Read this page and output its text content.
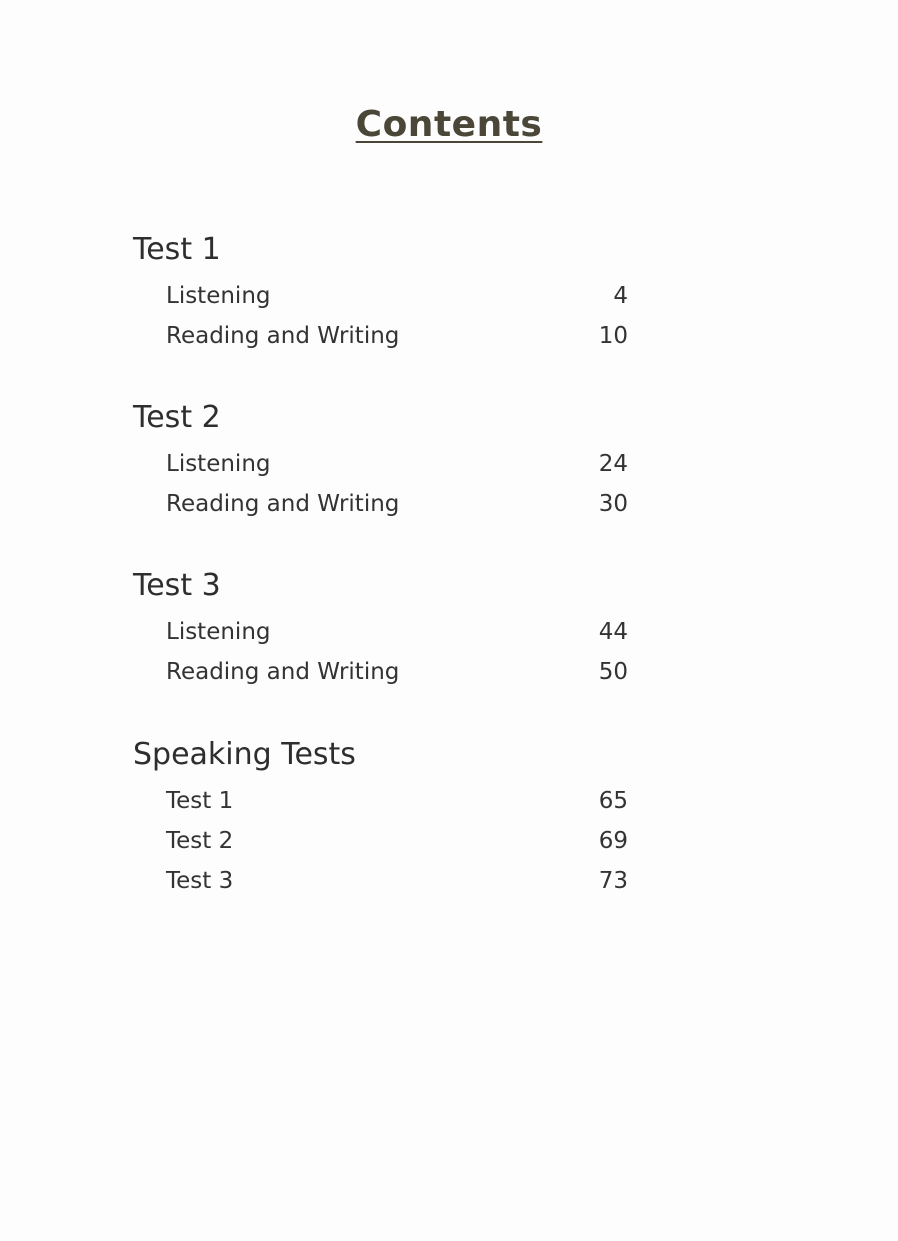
Contents
Test 1
Listening	4
Reading and Writing	10
Test 2
Listening	24
Reading and Writing	30
Test 3
Listening	44
Reading and Writing	50
Speaking Tests
Test 1	65
Test 2	69
Test 3	73
